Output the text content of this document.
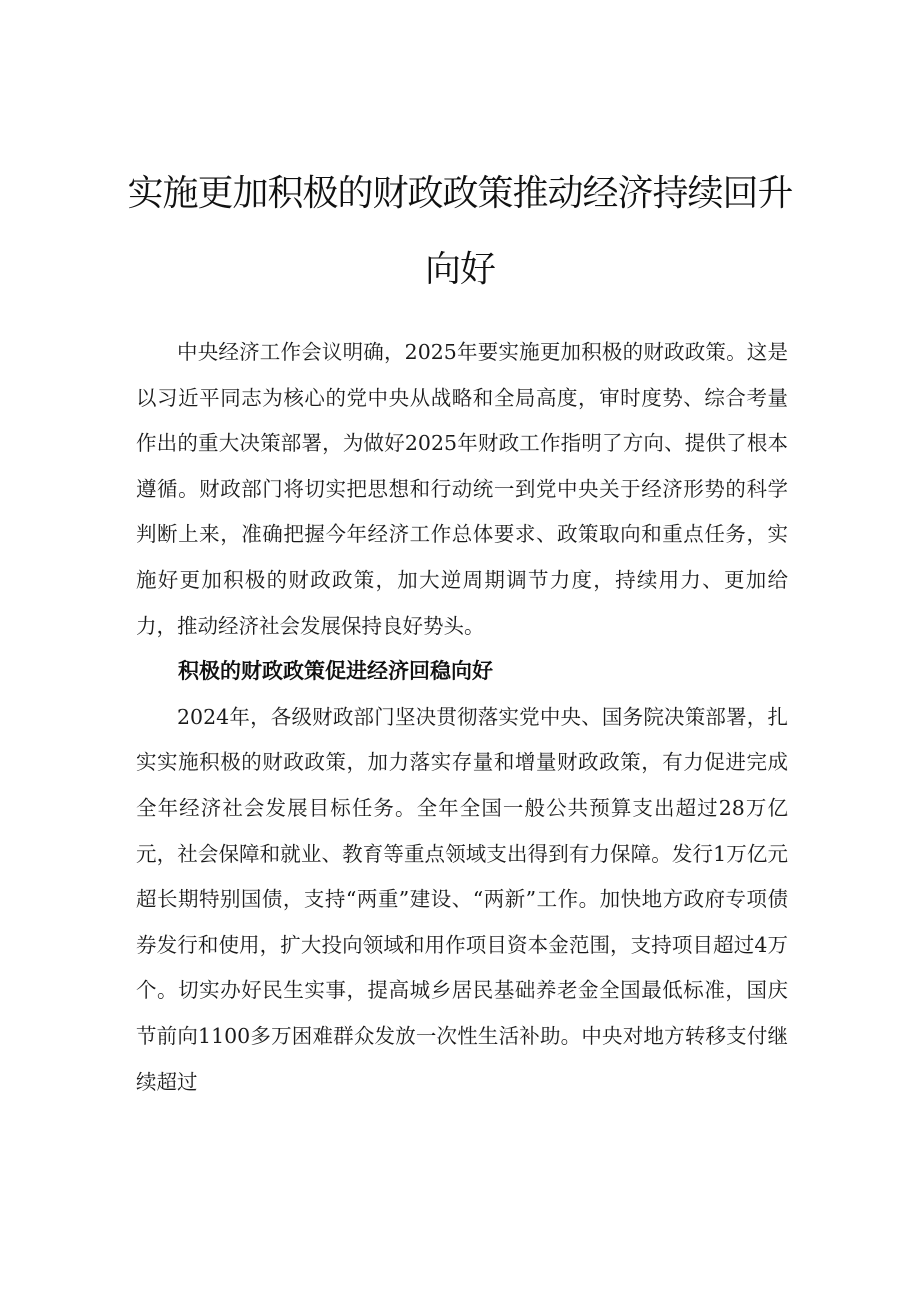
实施更加积极的财政政策推动经济持续回升向好

中央经济工作会议明确，2025年要实施更加积极的财政政策。这是以习近平同志为核心的党中央从战略和全局高度，审时度势、综合考量作出的重大决策部署，为做好2025年财政工作指明了方向、提供了根本遵循。财政部门将切实把思想和行动统一到党中央关于经济形势的科学判断上来，准确把握今年经济工作总体要求、政策取向和重点任务，实施好更加积极的财政政策，加大逆周期调节力度，持续用力、更加给力，推动经济社会发展保持良好势头。

积极的财政政策促进经济回稳向好

2024年，各级财政部门坚决贯彻落实党中央、国务院决策部署，扎实实施积极的财政政策，加力落实存量和增量财政政策，有力促进完成全年经济社会发展目标任务。全年全国一般公共预算支出超过28万亿元，社会保障和就业、教育等重点领域支出得到有力保障。发行1万亿元超长期特别国债，支持“两重”建设、“两新”工作。加快地方政府专项债券发行和使用，扩大投向领域和用作项目资本金范围，支持项目超过4万个。切实办好民生实事，提高城乡居民基础养老金全国最低标准，国庆节前向1100多万困难群众发放一次性生活补助。中央对地方转移支付继续超过
